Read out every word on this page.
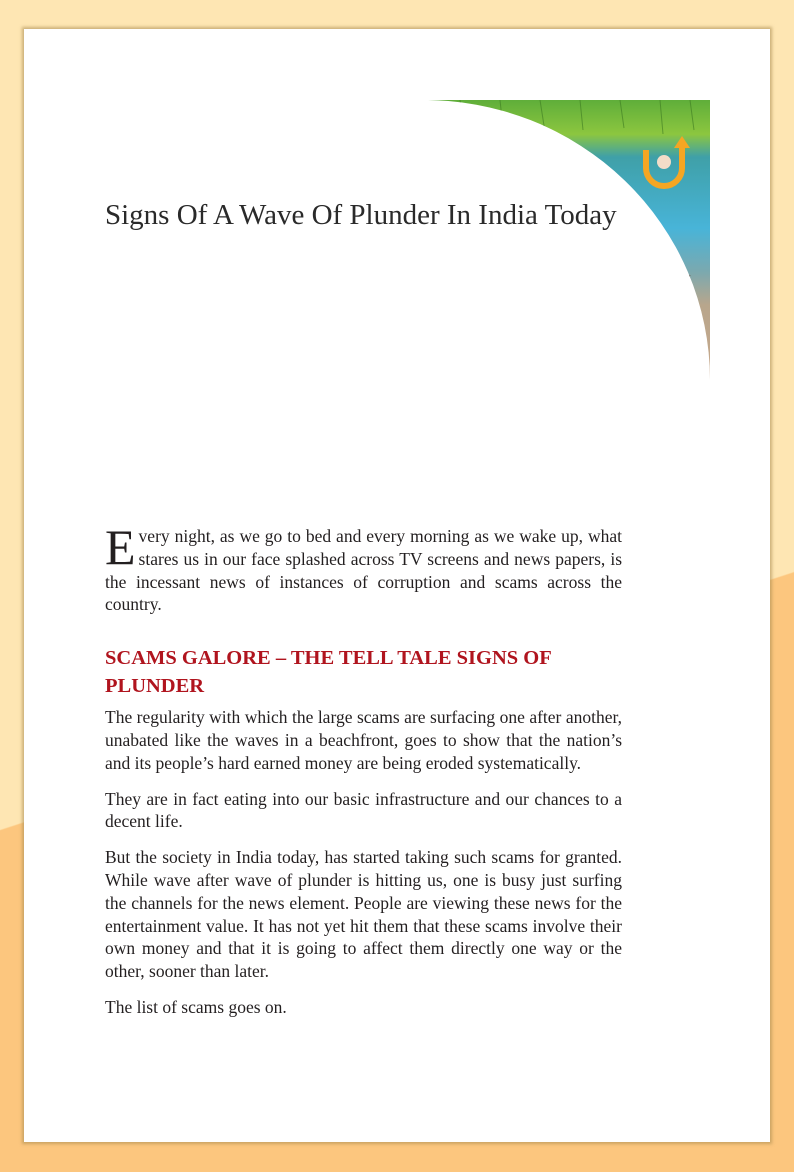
Signs Of A Wave Of Plunder In India Today

Every night, as we go to bed and every morning as we wake up, what stares us in our face splashed across TV screens and news papers, is the incessant news of instances of corruption and scams across the country.

SCAMS GALORE – THE TELL TALE SIGNS OF PLUNDER

The regularity with which the large scams are surfacing one after another, unabated like the waves in a beachfront, goes to show that the nation’s and its people’s hard earned money are being eroded systematically.

They are in fact eating into our basic infrastructure and our chances to a decent life.

But the society in India today, has started taking such scams for granted. While wave after wave of plunder is hitting us, one is busy just surfing the channels for the news element. People are viewing these news for the entertainment value. It has not yet hit them that these scams involve their own money and that it is going to affect them directly one way or the other, sooner than later.

The list of scams goes on.
